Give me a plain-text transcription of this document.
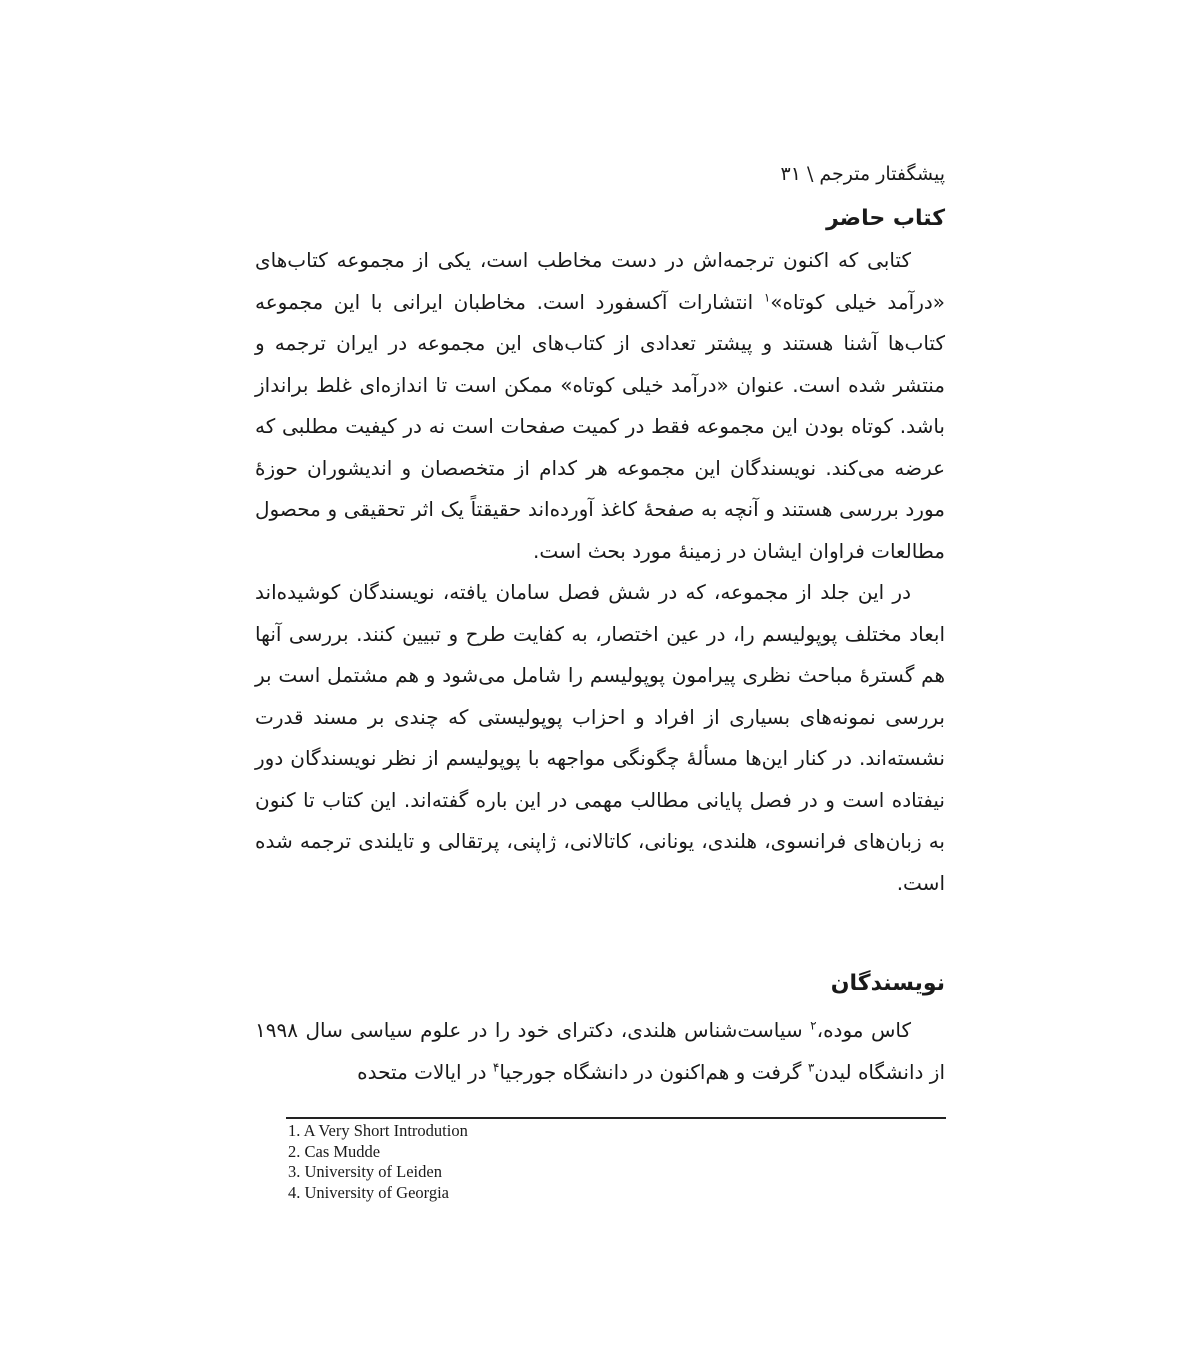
پیشگفتار مترجم \ ۳۱
کتاب حاضر

کتابی که اکنون ترجمه‌اش در دست مخاطب است، یکی از مجموعه کتاب‌های «درآمد خیلی کوتاه»$^۱$ انتشارات آکسفورد است. مخاطبان ایرانی با این مجموعه کتاب‌ها آشنا هستند و پیشتر تعدادی از کتاب‌های این مجموعه در ایران ترجمه و منتشر شده است. عنوان «درآمد خیلی کوتاه» ممکن است تا اندازه‌ای غلط برانداز باشد. کوتاه بودن این مجموعه فقط در کمیت صفحات است نه در کیفیت مطلبی که عرضه می‌کند. نویسندگان این مجموعه هر کدام از متخصصان و اندیشوران حوزهٔ مورد بررسی هستند و آنچه به صفحهٔ کاغذ آورده‌اند حقیقتاً یک اثر تحقیقی و محصول مطالعات فراوان ایشان در زمینهٔ مورد بحث است.

در این جلد از مجموعه، که در شش فصل سامان یافته، نویسندگان کوشیده‌اند ابعاد مختلف پوپولیسم را، در عین اختصار، به کفایت طرح و تبیین کنند. بررسی آنها هم گسترهٔ مباحث نظری پیرامون پوپولیسم را شامل می‌شود و هم مشتمل است بر بررسی نمونه‌های بسیاری از افراد و احزاب پوپولیستی که چندی بر مسند قدرت نشسته‌اند. در کنار این‌ها مسألهٔ چگونگی مواجهه با پوپولیسم از نظر نویسندگان دور نیفتاده است و در فصل پایانی مطالب مهمی در این باره گفته‌اند. این کتاب تا کنون به زبان‌های فرانسوی، هلندی، یونانی، کاتالانی، ژاپنی، پرتقالی و تایلندی ترجمه شده است.

نویسندگان

کاس موده،$^۲$ سیاست‌شناس هلندی، دکترای خود را در علوم سیاسی سال ۱۹۹۸ از دانشگاه لیدن$^۳$ گرفت و هم‌اکنون در دانشگاه جورجیا$^۴$ در ایالات متحده

1. A Very Short Introdution
2. Cas Mudde
3. University of Leiden
4. University of Georgia
